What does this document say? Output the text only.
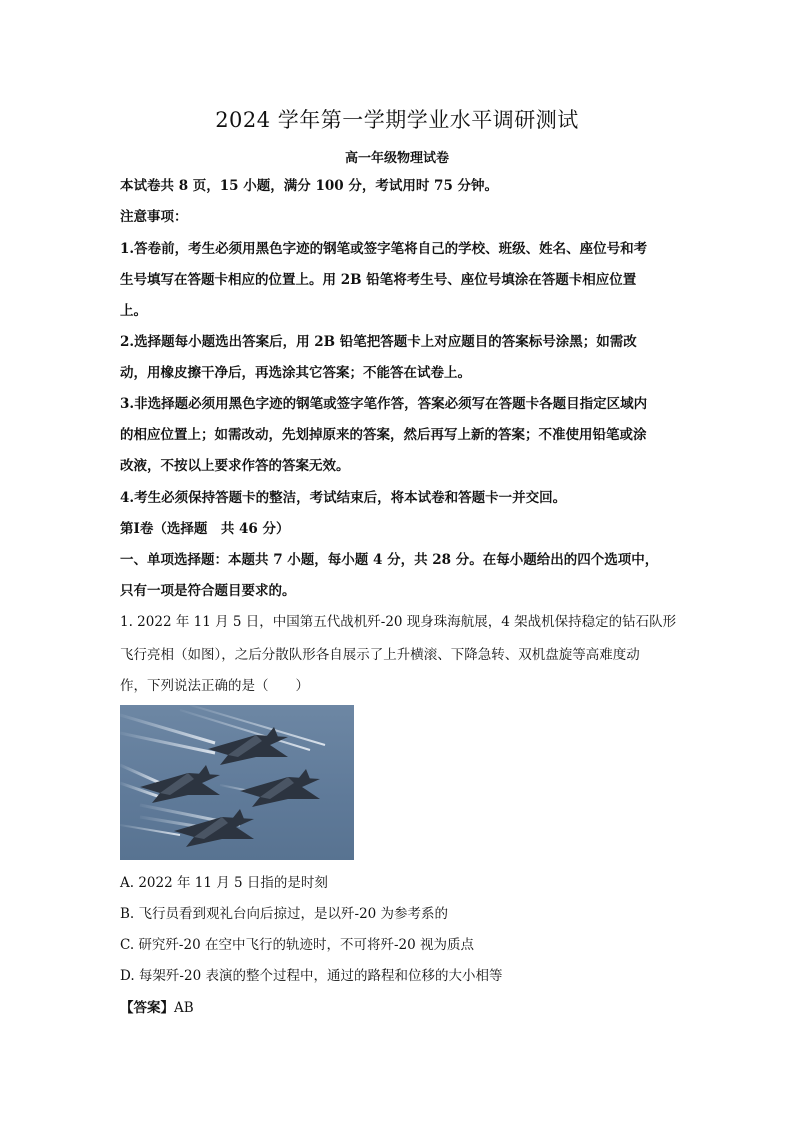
2024 学年第一学期学业水平调研测试
高一年级物理试卷
本试卷共 8 页，15 小题，满分 100 分，考试用时 75 分钟。
注意事项：
1.答卷前，考生必须用黑色字迹的钢笔或签字笔将自己的学校、班级、姓名、座位号和考
生号填写在答题卡相应的位置上。用 2B 铅笔将考生号、座位号填涂在答题卡相应位置
上。
2.选择题每小题选出答案后，用 2B 铅笔把答题卡上对应题目的答案标号涂黑；如需改
动，用橡皮擦干净后，再选涂其它答案；不能答在试卷上。
3.非选择题必须用黑色字迹的钢笔或签字笔作答，答案必须写在答题卡各题目指定区域内
的相应位置上；如需改动，先划掉原来的答案，然后再写上新的答案；不准使用铅笔或涂
改液，不按以上要求作答的答案无效。
4.考生必须保持答题卡的整洁，考试结束后，将本试卷和答题卡一并交回。
第Ⅰ卷（选择题　共 46 分）
一、单项选择题：本题共 7 小题，每小题 4 分，共 28 分。在每小题给出的四个选项中，
只有一项是符合题目要求的。
1. 2022 年 11 月 5 日，中国第五代战机歼-20 现身珠海航展，4 架战机保持稳定的钻石队形
飞行亮相（如图），之后分散队形各自展示了上升横滚、下降急转、双机盘旋等高难度动
作，下列说法正确的是（　　）
A. 2022 年 11 月 5 日指的是时刻
B. 飞行员看到观礼台向后掠过，是以歼-20 为参考系的
C. 研究歼-20 在空中飞行的轨迹时，不可将歼-20 视为质点
D. 每架歼-20 表演的整个过程中，通过的路程和位移的大小相等
【答案】AB
